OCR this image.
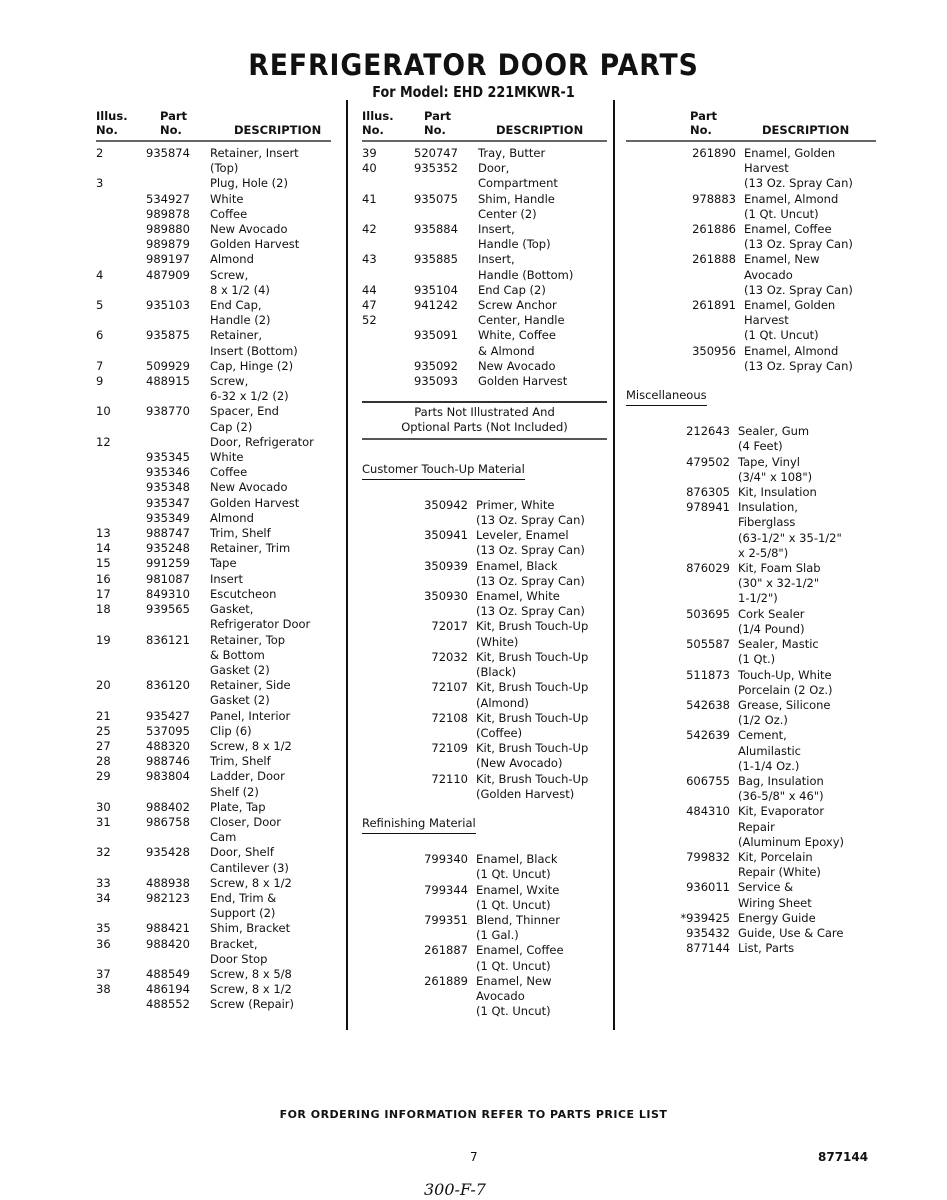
REFRIGERATOR DOOR PARTS
For Model: EHD 221MKWR-1
Illus.
No.
Part
No.	DESCRIPTION
2	935874	Retainer, Insert
(Top)
3	Plug, Hole (2)
534927	White
989878	Coffee
989880	New Avocado
989879	Golden Harvest
989197	Almond
4	487909	Screw,
8 x 1/2 (4)
5	935103	End Cap,
Handle (2)
6	935875	Retainer,
Insert (Bottom)
7	509929	Cap, Hinge (2)
9	488915	Screw,
6-32 x 1/2 (2)
10	938770	Spacer, End
Cap (2)
12	Door, Refrigerator
935345	White
935346	Coffee
935348	New Avocado
935347	Golden Harvest
935349	Almond
13	988747	Trim, Shelf
14	935248	Retainer, Trim
15	991259	Tape
16	981087	Insert
17	849310	Escutcheon
18	939565	Gasket,
Refrigerator Door
19	836121	Retainer, Top
& Bottom
Gasket (2)
20	836120	Retainer, Side
Gasket (2)
21	935427	Panel, Interior
25	537095	Clip (6)
27	488320	Screw, 8 x 1/2
28	988746	Trim, Shelf
29	983804	Ladder, Door
Shelf (2)
30	988402	Plate, Tap
31	986758	Closer, Door
Cam
32	935428	Door, Shelf
Cantilever (3)
33	488938	Screw, 8 x 1/2
34	982123	End, Trim &
Support (2)
35	988421	Shim, Bracket
36	988420	Bracket,
Door Stop
37	488549	Screw, 8 x 5/8
38	486194	Screw, 8 x 1/2
488552	Screw (Repair)
Illus.
No.
Part
No.	DESCRIPTION
39	520747	Tray, Butter
40	935352	Door,
Compartment
41	935075	Shim, Handle
Center (2)
42	935884	Insert,
Handle (Top)
43	935885	Insert,
Handle (Bottom)
44	935104	End Cap (2)
47	941242	Screw Anchor
52	Center, Handle
935091	White, Coffee
& Almond
935092	New Avocado
935093	Golden Harvest
Parts Not Illustrated And
Optional Parts (Not Included)
Customer Touch-Up Material
350942 Primer, White
(13 Oz. Spray Can)
350941 Leveler, Enamel
(13 Oz. Spray Can)
350939 Enamel, Black
(13 Oz. Spray Can)
350930 Enamel, White
(13 Oz. Spray Can)
72017 Kit, Brush Touch-Up
(White)
72032 Kit, Brush Touch-Up
(Black)
72107 Kit, Brush Touch-Up
(Almond)
72108 Kit, Brush Touch-Up
(Coffee)
72109 Kit, Brush Touch-Up
(New Avocado)
72110 Kit, Brush Touch-Up
(Golden Harvest)
Refinishing Material
799340 Enamel, Black
(1 Qt. Uncut)
799344 Enamel, Wxite
(1 Qt. Uncut)
799351 Blend, Thinner
(1 Gal.)
261887 Enamel, Coffee
(1 Qt. Uncut)
261889 Enamel, New
Avocado
(1 Qt. Uncut)
Part
No.	DESCRIPTION
261890 Enamel, Golden
Harvest
(13 Oz. Spray Can)
978883 Enamel, Almond
(1 Qt. Uncut)
261886 Enamel, Coffee
(13 Oz. Spray Can)
261888 Enamel, New
Avocado
(13 Oz. Spray Can)
261891 Enamel, Golden
Harvest
(1 Qt. Uncut)
350956 Enamel, Almond
(13 Oz. Spray Can)
Miscellaneous
212643 Sealer, Gum
(4 Feet)
479502 Tape, Vinyl
(3/4" x 108")
876305 Kit, Insulation
978941 Insulation,
Fiberglass
(63-1/2" x 35-1/2"
x 2-5/8")
876029 Kit, Foam Slab
(30" x 32-1/2"
1-1/2")
503695 Cork Sealer
(1/4 Pound)
505587 Sealer, Mastic
(1 Qt.)
511873 Touch-Up, White
Porcelain (2 Oz.)
542638 Grease, Silicone
(1/2 Oz.)
542639 Cement,
Alumilastic
(1-1/4 Oz.)
606755 Bag, Insulation
(36-5/8" x 46")
484310 Kit, Evaporator
Repair
(Aluminum Epoxy)
799832 Kit, Porcelain
Repair (White)
936011 Service &
Wiring Sheet
*939425 Energy Guide
935432 Guide, Use & Care
877144 List, Parts
FOR ORDERING INFORMATION REFER TO PARTS PRICE LIST
7	877144
300-F-7
